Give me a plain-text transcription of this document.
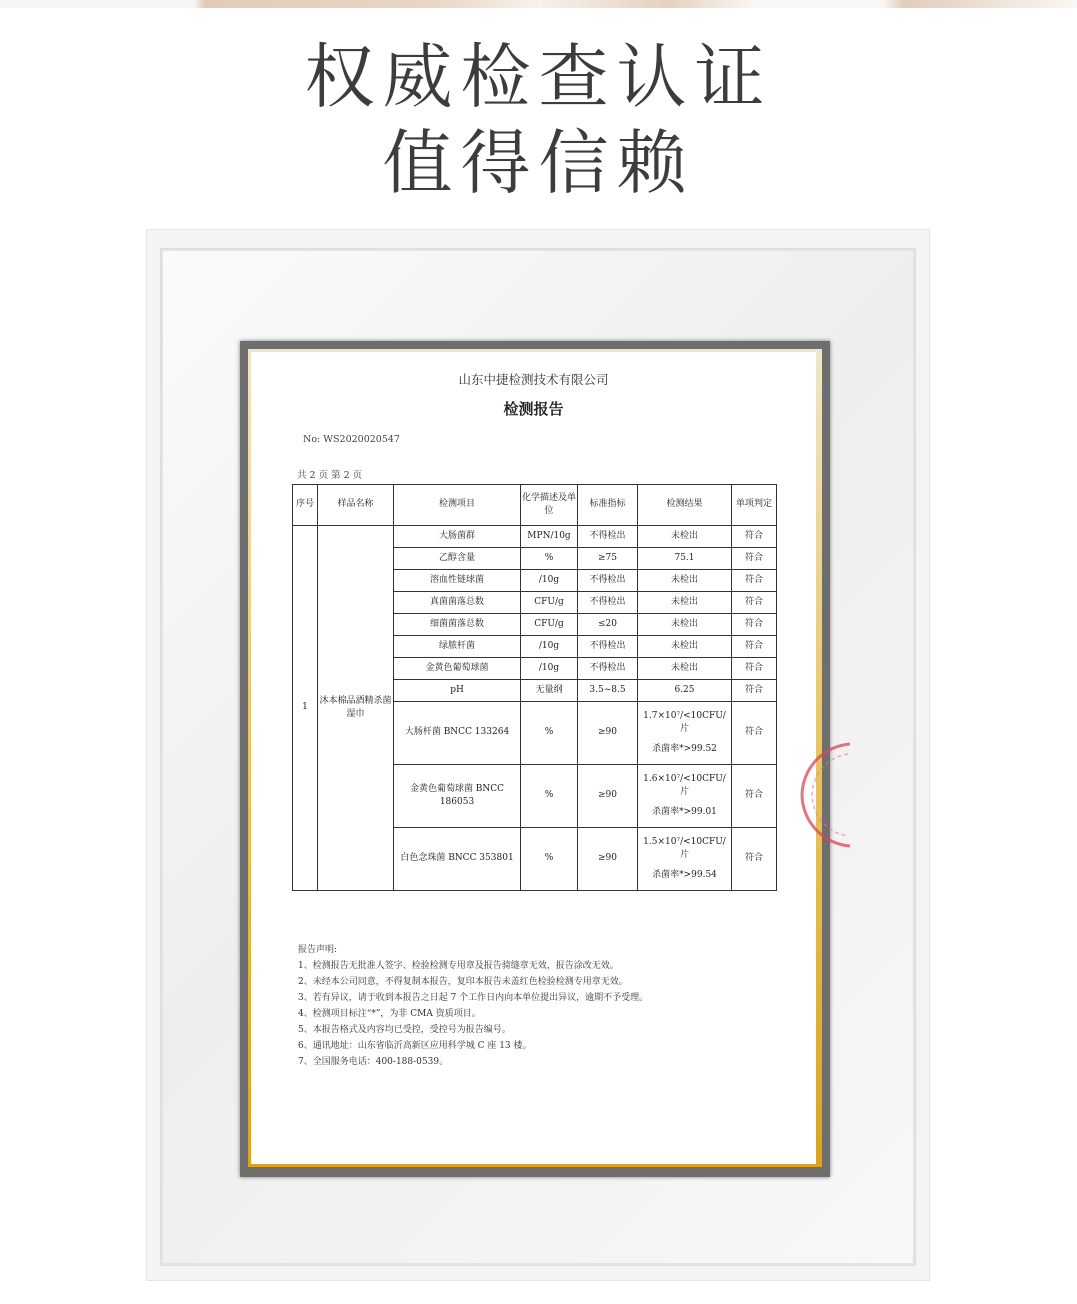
权威检查认证
值得信赖
山东中捷检测技术有限公司
检测报告
No: WS2020020547
共 2 页 第 2 页
序号	样品名称	检测项目	化学描述及单位	标准指标	检测结果	单项判定
1	沐本棉品酒精杀菌湿巾	大肠菌群	MPN/10g	不得检出	未检出	符合
		乙醇含量	%	≥75	75.1	符合
		溶血性链球菌	/10g	不得检出	未检出	符合
		真菌菌落总数	CFU/g	不得检出	未检出	符合
		细菌菌落总数	CFU/g	≤20	未检出	符合
		绿脓杆菌	/10g	不得检出	未检出	符合
		金黄色葡萄球菌	/10g	不得检出	未检出	符合
		pH	无量纲	3.5~8.5	6.25	符合
		大肠杆菌 BNCC 133264	%	≥90	1.7×10⁷/<10CFU/片
杀菌率*>99.52	符合
		金黄色葡萄球菌 BNCC 186053	%	≥90	1.6×10⁷/<10CFU/片
杀菌率*>99.01	符合
		白色念珠菌 BNCC 353801	%	≥90	1.5×10⁷/<10CFU/片
杀菌率*>99.54	符合
报告声明:
1、检测报告无批准人签字、检验检测专用章及报告骑缝章无效，报告涂改无效。
2、未经本公司同意，不得复制本报告，复印本报告未盖红色检验检测专用章无效。
3、若有异议，请于收到本报告之日起 7 个工作日内向本单位提出异议，逾期不予受理。
4、检测项目标注“*”，为非 CMA 资质项目。
5、本报告格式及内容均已受控，受控号为报告编号。
6、通讯地址：山东省临沂高新区应用科学城 C 座 13 楼。
7、全国服务电话：400-188-0539。
